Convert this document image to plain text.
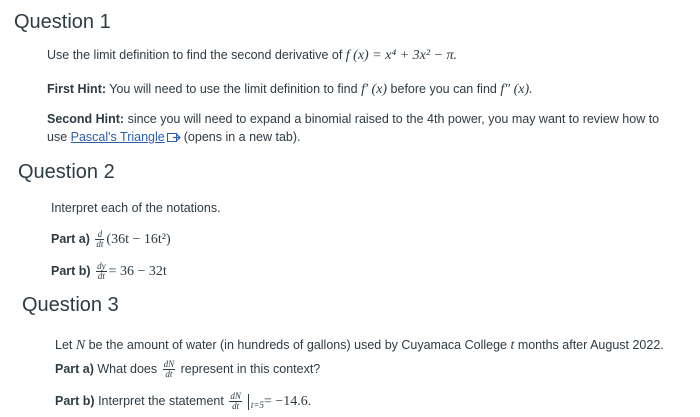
Question 1
Use the limit definition to find the second derivative of f (x) = x⁴ + 3x² − π.
First Hint: You will need to use the limit definition to find f′ (x) before you can find f″ (x).
Second Hint: since you will need to expand a binomial raised to the 4th power, you may want to review how to
use Pascal's Triangle (opens in a new tab).
Question 2
Interpret each of the notations.
Part $a) \frac{d}{dt} (36t - 16t^2)$
Part $b) \frac{dy}{dt} = 36 - 32t$
Question 3
Let N be the amount of water (in hundreds of gallons) used by Cuyamaca College t months after August 2022.
Part a) What does $\frac{dN}{dt}$ represent in this context?
Part b) Interpret the statement $\frac{dN}{dt} _{t=5}= -14.6$.
